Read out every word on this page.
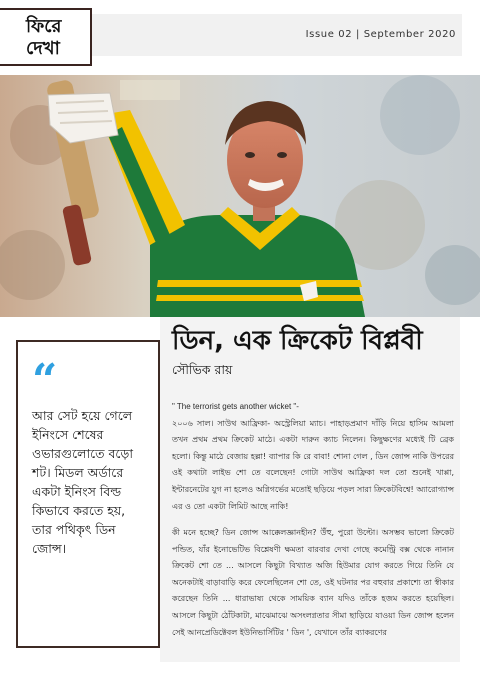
ফিরে
দেখা
Issue 02 | September 2020
“

আর সেট হয়ে গেলে ইনিংসে শেষের ওভারগুলোতে বড়ো শট। মিডল অর্ডারে একটা ইনিংস বিল্ড কিভাবে করতে হয়, তার পথিকৃৎ ডিন জোন্স।

ডিন, এক ক্রিকেট বিপ্লবী
সৌভিক রায়
" The terrorist gets another wicket "-
২০০৬ সাল। সাউথ আফ্রিকা- অস্ট্রেলিয়া ম্যাচ। পাহাড়প্রমাণ দাঁড়ি নিয়ে হাসিম আমলা তখন প্রথম প্রথম ক্রিকেট মাঠে। একটা দারুন ক্যাচ নিলেন। কিছুক্ষণের মধ্যেই টি ব্রেক হলো। কিন্তু মাঠে বেজায় হল্লা! ব্যাপার কি রে বাবা! শোনা গেল , ডিন জোন্স নাকি উপরের ওই কথাটা লাইভ শো তে বলেছেন! গোটা সাউথ আফ্রিকা দল তো শুনেই খাপ্পা, ইন্টারনেটের যুগ না হলেও অগ্নিগর্ভের মতোই ছড়িয়ে পড়ল সারা ক্রিকেটবিশ্বে! অ্যারোগ্যান্স এর ও তো একটা লিমিট আছে নাকি!
কী মনে হচ্ছে? ডিন জোন্স আক্কেলজ্ঞানহীন? উঁহু, পুরো উল্টো। অসম্ভব ভালো ক্রিকেট পন্ডিত, যাঁর ইনোভেটিভ বিশ্লেষণী ক্ষমতা বারবার দেখা গেছে কমেন্ট্রি বক্স থেকে নানান ক্রিকেট শো তে ... আসলে কিছুটা বিখ্যাত অজি হিউমার যোগ করতে গিয়ে তিনি যে অনেকটাই বাড়াবাড়ি করে ফেলেছিলেন শো তে, ওই ঘটনার পর বহুবার প্রকাশ্যে তা স্বীকার করেছেন তিনি ... ধারাভাষ্য থেকে সাময়িক ব্যান যদিও তাঁকে হজম করতে হয়েছিল। আসলে কিছুটা ঠোঁটকাটা, মাঝেমাঝে অসংলগ্নতার সীমা ছাড়িয়ে যাওয়া ডিন জোন্স হলেন সেই আনপ্রেডিক্টেবল ইউনিভার্সিটির ' ডিন ', যেখানে তাঁর ব্যাকরণের
